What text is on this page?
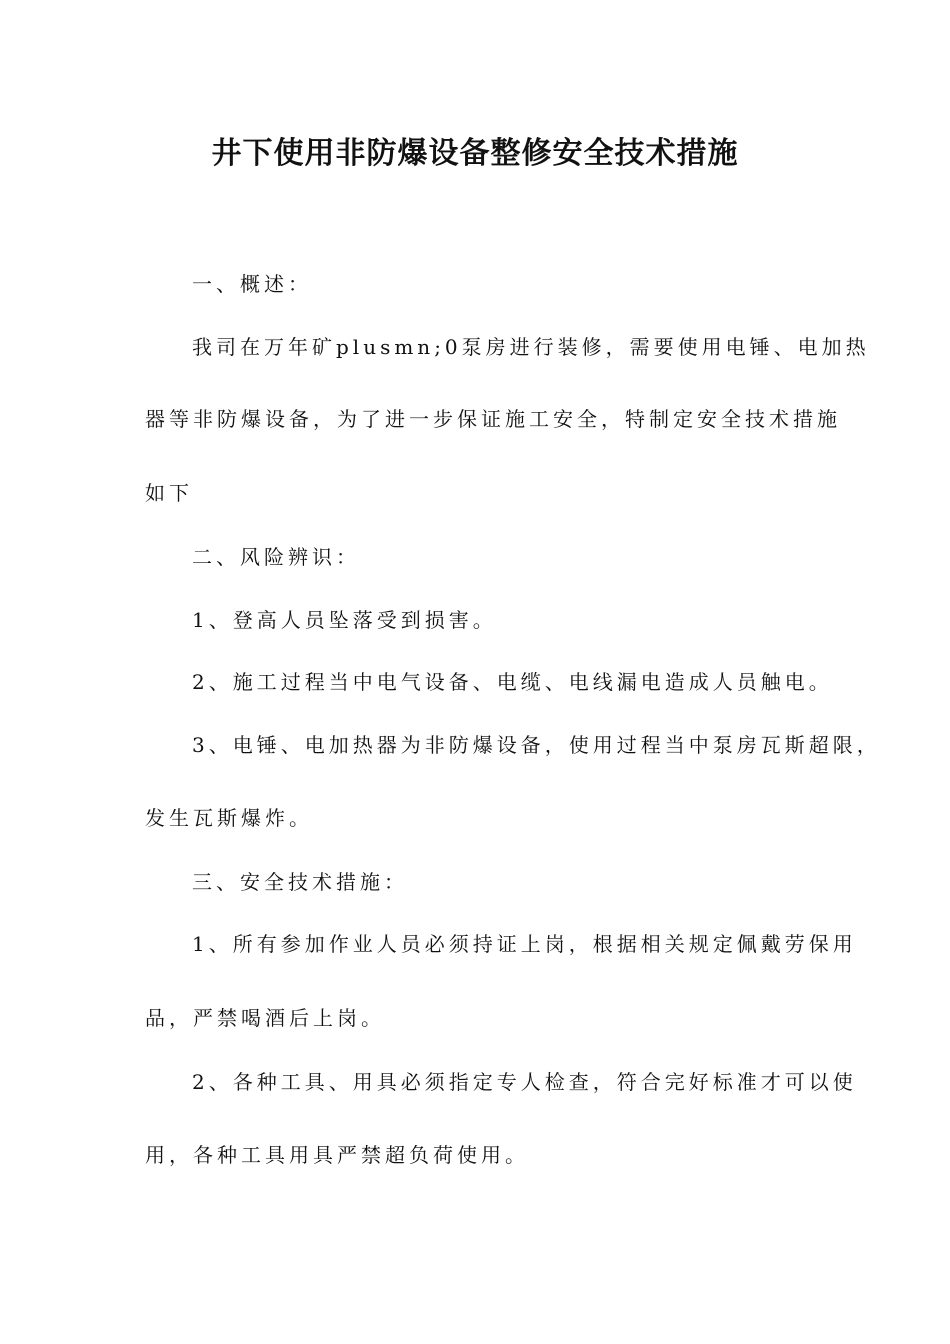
井下使用非防爆设备整修安全技术措施

一、概述：

我司在万年矿plusmn;0泵房进行装修，需要使用电锤、电加热

器等非防爆设备，为了进一步保证施工安全，特制定安全技术措施

如下

二、风险辨识：

1、登高人员坠落受到损害。

2、施工过程当中电气设备、电缆、电线漏电造成人员触电。

3、电锤、电加热器为非防爆设备，使用过程当中泵房瓦斯超限，

发生瓦斯爆炸。

三、安全技术措施：

1、所有参加作业人员必须持证上岗，根据相关规定佩戴劳保用

品，严禁喝酒后上岗。

2、各种工具、用具必须指定专人检查，符合完好标准才可以使

用，各种工具用具严禁超负荷使用。
